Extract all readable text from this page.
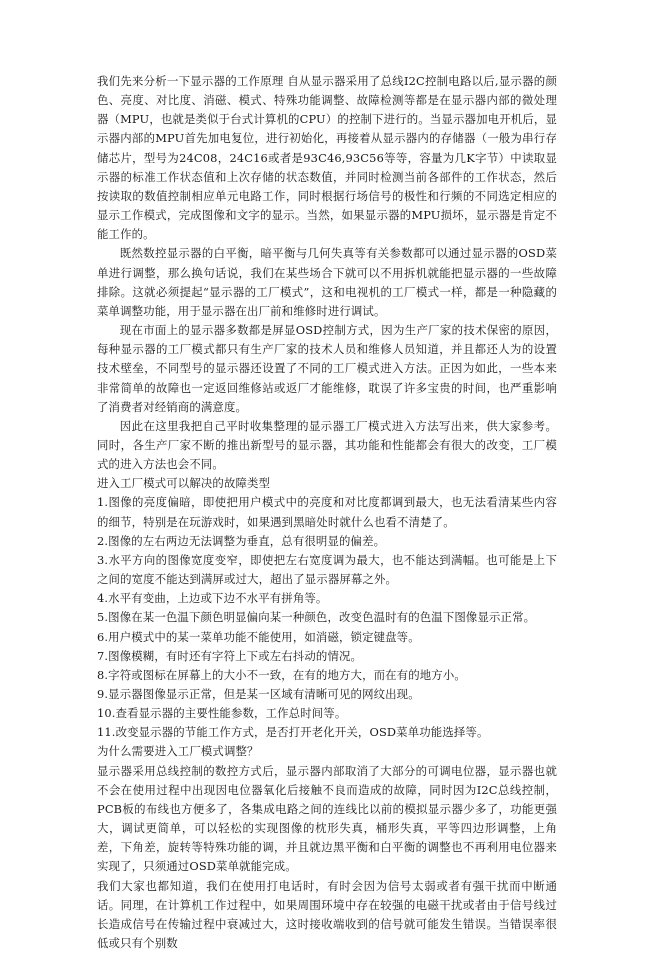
我们先来分析一下显示器的工作原理 自从显示器采用了总线I2C控制电路以后,显示器的颜色、亮度、对比度、消磁、模式、特殊功能调整、故障检测等都是在显示器内部的微处理器（MPU，也就是类似于台式计算机的CPU）的控制下进行的。当显示器加电开机后，显示器内部的MPU首先加电复位，进行初始化，再接着从显示器内的存储器（一般为串行存储芯片，型号为24C08，24C16或者是93C46,93C56等等，容量为几K字节）中读取显示器的标准工作状态值和上次存储的状态数值，并同时检测当前各部件的工作状态，然后按读取的数值控制相应单元电路工作，同时根据行场信号的极性和行频的不同选定相应的显示工作模式，完成图像和文字的显示。当然，如果显示器的MPU损坏，显示器是肯定不能工作的。

既然数控显示器的白平衡，暗平衡与几何失真等有关参数都可以通过显示器的OSD菜单进行调整，那么换句话说，我们在某些场合下就可以不用拆机就能把显示器的一些故障排除。这就必须提起“显示器的工厂模式”，这和电视机的工厂模式一样，都是一种隐藏的菜单调整功能，用于显示器在出厂前和维修时进行调试。

现在市面上的显示器多数都是屏显OSD控制方式，因为生产厂家的技术保密的原因，每种显示器的工厂模式都只有生产厂家的技术人员和维修人员知道，并且都还人为的设置技术壁垒，不同型号的显示器还设置了不同的工厂模式进入方法。正因为如此，一些本来非常简单的故障也一定返回维修站或返厂才能维修，耽误了许多宝贵的时间，也严重影响了消费者对经销商的满意度。

因此在这里我把自己平时收集整理的显示器工厂模式进入方法写出来，供大家参考。同时，各生产厂家不断的推出新型号的显示器，其功能和性能都会有很大的改变，工厂模式的进入方法也会不同。

进入工厂模式可以解决的故障类型

1.图像的亮度偏暗，即使把用户模式中的亮度和对比度都调到最大，也无法看清某些内容的细节，特别是在玩游戏时，如果遇到黑暗处时就什么也看不清楚了。

2.图像的左右两边无法调整为垂直，总有很明显的偏差。

3.水平方向的图像宽度变窄，即使把左右宽度调为最大，也不能达到满幅。也可能是上下之间的宽度不能达到满屏或过大，超出了显示器屏幕之外。

4.水平有变曲，上边或下边不水平有拼角等。

5.图像在某一色温下颜色明显偏向某一种颜色，改变色温时有的色温下图像显示正常。

6.用户模式中的某一菜单功能不能使用，如消磁，锁定键盘等。

7.图像模糊，有时还有字符上下或左右抖动的情况。

8.字符或图标在屏幕上的大小不一致，在有的地方大，而在有的地方小。

9.显示器图像显示正常，但是某一区域有清晰可见的网纹出现。

10.查看显示器的主要性能参数，工作总时间等。

11.改变显示器的节能工作方式，是否打开老化开关，OSD菜单功能选择等。

为什么需要进入工厂模式调整？

显示器采用总线控制的数控方式后，显示器内部取消了大部分的可调电位器，显示器也就不会在使用过程中出现因电位器氧化后接触不良而造成的故障，同时因为I2C总线控制，PCB板的布线也方便多了，各集成电路之间的连线比以前的模拟显示器少多了，功能更强大，调试更简单，可以轻松的实现图像的枕形失真，桶形失真，平等四边形调整，上角差，下角差，旋转等特殊功能的调，并且就边黑平衡和白平衡的调整也不再利用电位器来实现了，只须通过OSD菜单就能完成。

我们大家也都知道，我们在使用打电话时，有时会因为信号太弱或者有强干扰而中断通话。同理，在计算机工作过程中，如果周围环境中存在较强的电磁干扰或者由于信号线过长造成信号在传输过程中衰减过大，这时接收端收到的信号就可能发生错误。当错误率很低或只有个别数
